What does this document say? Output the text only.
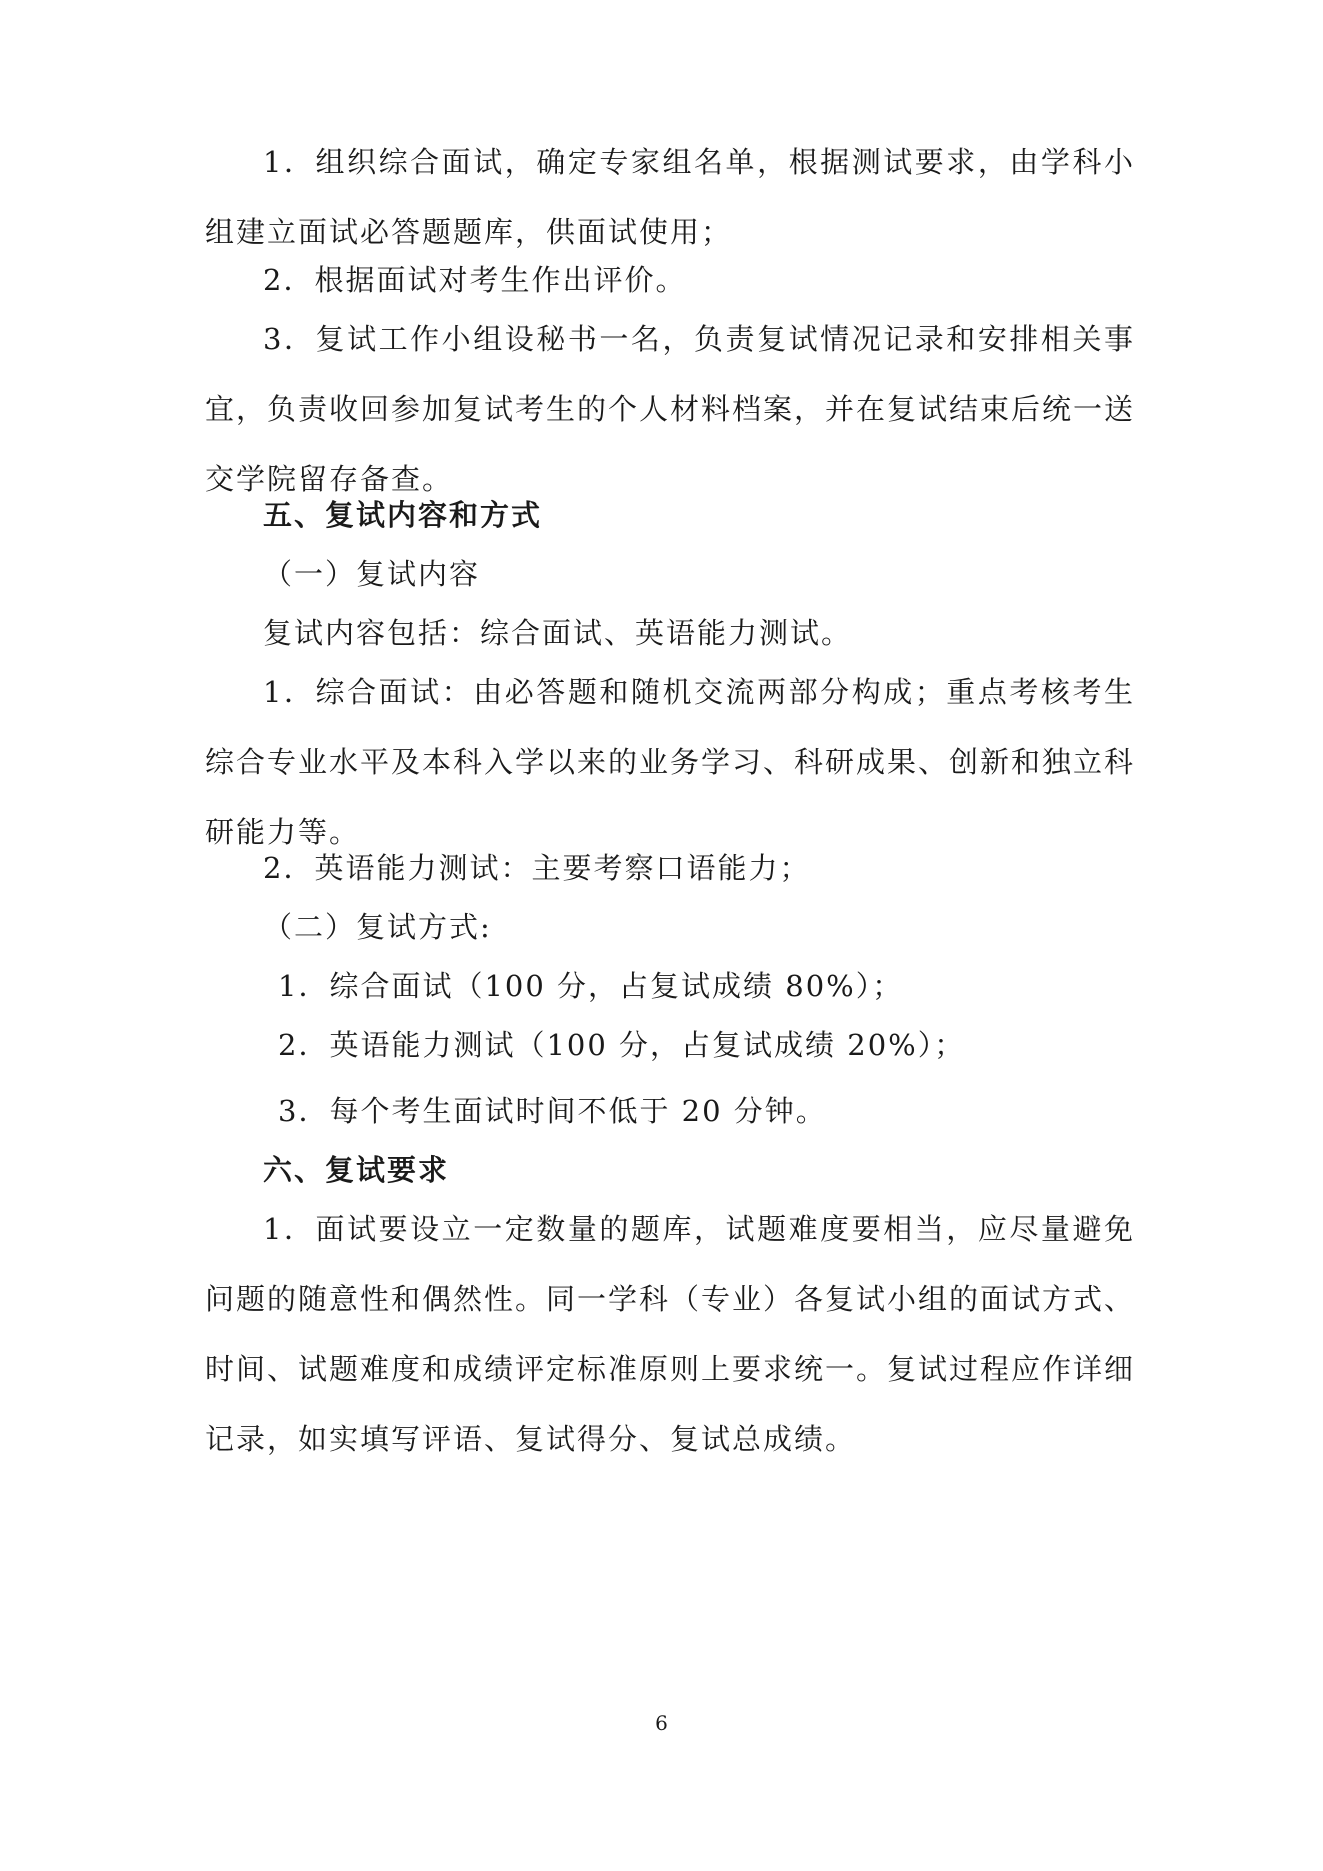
1．组织综合面试，确定专家组名单，根据测试要求，由学科小组建立面试必答题题库，供面试使用；

2．根据面试对考生作出评价。

3．复试工作小组设秘书一名，负责复试情况记录和安排相关事宜，负责收回参加复试考生的个人材料档案，并在复试结束后统一送交学院留存备查。

五、复试内容和方式

（一）复试内容

复试内容包括：综合面试、英语能力测试。

1．综合面试：由必答题和随机交流两部分构成；重点考核考生综合专业水平及本科入学以来的业务学习、科研成果、创新和独立科研能力等。

2．英语能力测试：主要考察口语能力；

（二）复试方式:

1．综合面试（100 分，占复试成绩 80%）；

2．英语能力测试（100 分，占复试成绩 20%）；

3．每个考生面试时间不低于 20 分钟。

六、复试要求

1．面试要设立一定数量的题库，试题难度要相当，应尽量避免问题的随意性和偶然性。同一学科（专业）各复试小组的面试方式、时间、试题难度和成绩评定标准原则上要求统一。复试过程应作详细记录，如实填写评语、复试得分、复试总成绩。

6
